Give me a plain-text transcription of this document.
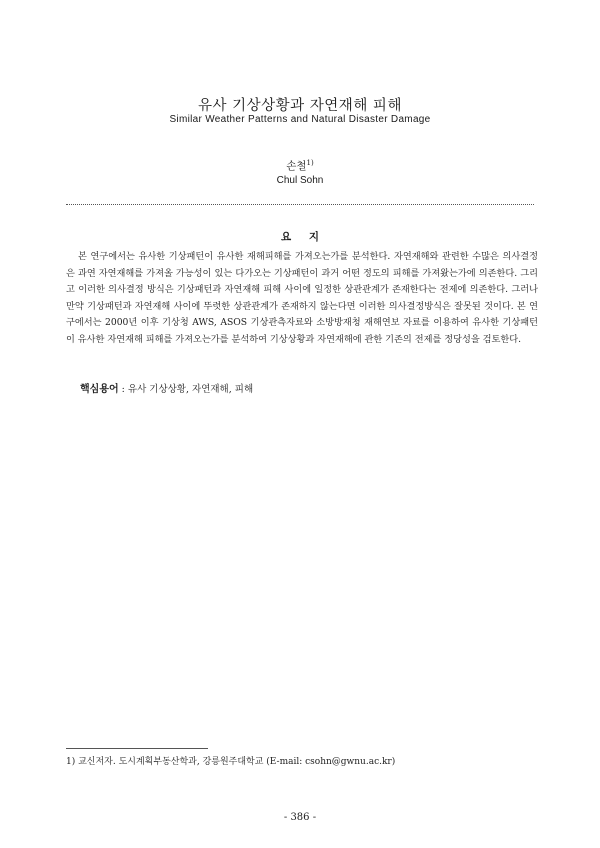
유사 기상상황과 자연재해 피해
Similar Weather Patterns and Natural Disaster Damage
손철$^{1)}$
Chul Sohn
요 지
본 연구에서는 유사한 기상패턴이 유사한 재해피해를 가져오는가를 분석한다. 자연재해와 관련한 수많은 의사결정은 과연 자연재해를 가져올 가능성이 있는 다가오는 기상패턴이 과거 어떤 정도의 피해를 가져왔는가에 의존한다. 그리고 이러한 의사결정 방식은 기상패턴과 자연재해 피해 사이에 일정한 상관관계가 존재한다는 전제에 의존한다. 그러나 만약 기상패턴과 자연재해 사이에 뚜렷한 상관관계가 존재하지 않는다면 이러한 의사결정방식은 잘못된 것이다. 본 연구에서는 2000년 이후 기상청 AWS, ASOS 기상관측자료와 소방방재청 재해연보 자료를 이용하여 유사한 기상패턴이 유사한 자연재해 피해를 가져오는가를 분석하여 기상상황과 자연재해에 관한 기존의 전제를 정당성을 검토한다.
핵심용어 : 유사 기상상황, 자연재해, 피해
1) 교신저자. 도시계획부동산학과, 강릉원주대학교 (E-mail: csohn@gwnu.ac.kr)
- 386 -
